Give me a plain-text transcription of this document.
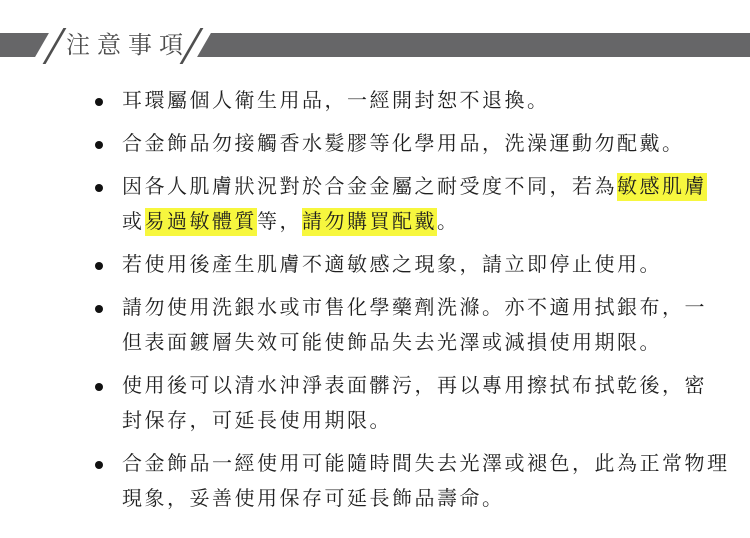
注意事項
耳環屬個人衛生用品，一經開封恕不退換。
合金飾品勿接觸香水髮膠等化學用品，洗澡運動勿配戴。
因各人肌膚狀況對於合金金屬之耐受度不同，若為敏感肌膚
或易過敏體質等，請勿購買配戴。
若使用後產生肌膚不適敏感之現象，請立即停止使用。
請勿使用洗銀水或市售化學藥劑洗滌。亦不適用拭銀布，一
但表面鍍層失效可能使飾品失去光澤或減損使用期限。
使用後可以清水沖淨表面髒污，再以專用擦拭布拭乾後，密
封保存，可延長使用期限。
合金飾品一經使用可能隨時間失去光澤或褪色，此為正常物理
現象，妥善使用保存可延長飾品壽命。
